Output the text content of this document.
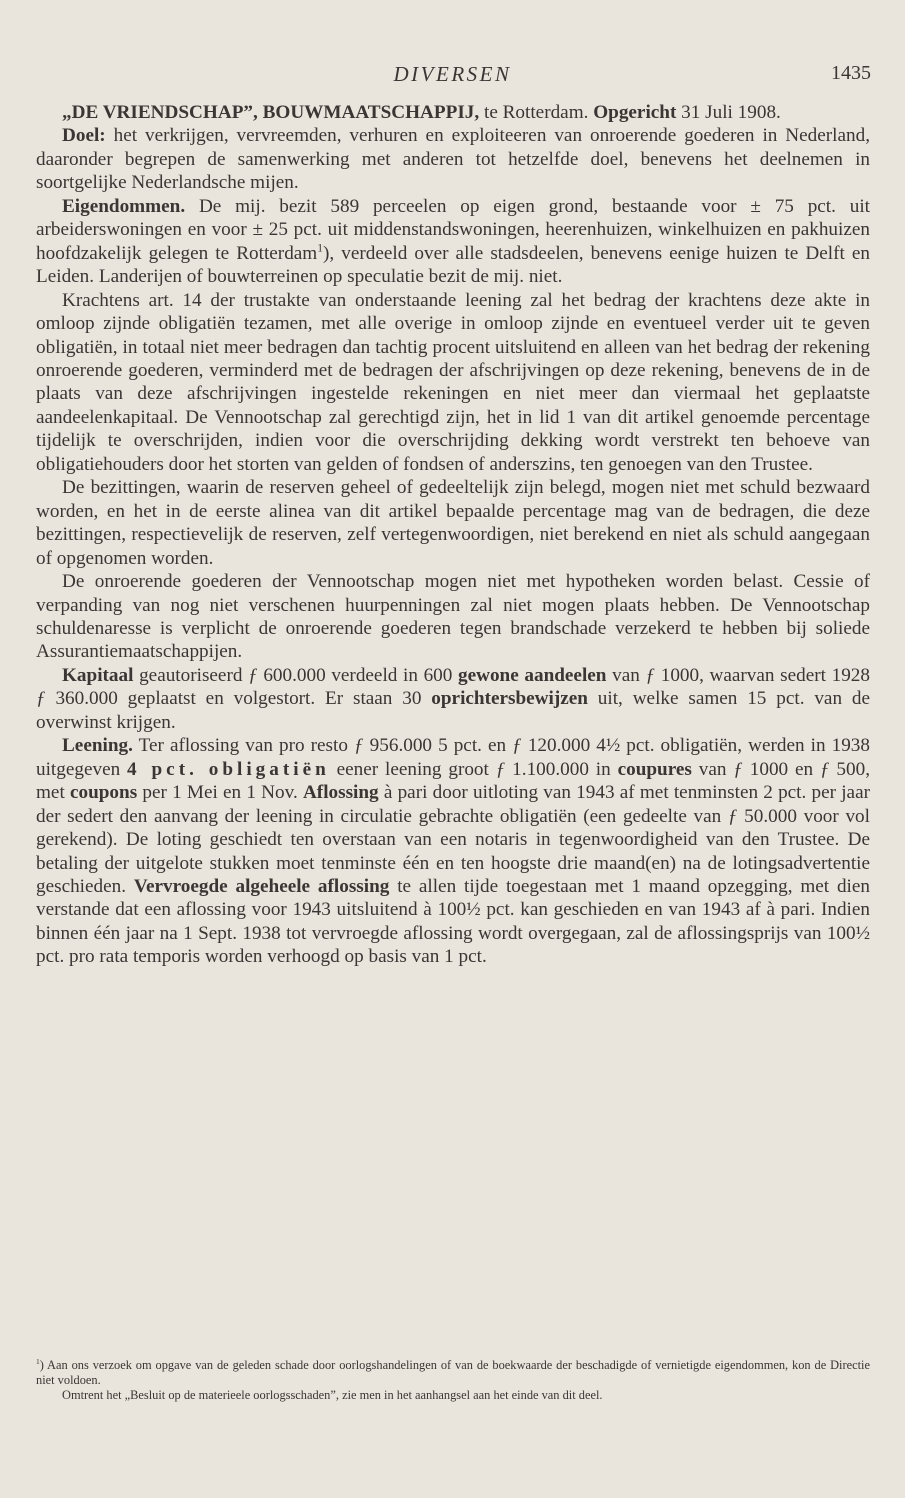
DIVERSEN	1435

„DE VRIENDSCHAP”, BOUWMAATSCHAPPIJ, te Rotterdam. Opgericht 31 Juli 1908.

Doel: het verkrijgen, vervreemden, verhuren en exploiteeren van onroerende goederen in Nederland, daaronder begrepen de samenwerking met anderen tot hetzelfde doel, benevens het deelnemen in soortgelijke Nederlandsche mijen.

Eigendommen. De mij. bezit 589 perceelen op eigen grond, bestaande voor ± 75 pct. uit arbeiderswoningen en voor ± 25 pct. uit middenstandswoningen, heerenhuizen, winkelhuizen en pakhuizen hoofdzakelijk gelegen te Rotterdam$^1$), verdeeld over alle stadsdeelen, benevens eenige huizen te Delft en Leiden. Landerijen of bouwterreinen op speculatie bezit de mij. niet.

Krachtens art. 14 der trustakte van onderstaande leening zal het bedrag der krachtens deze akte in omloop zijnde obligatiën tezamen, met alle overige in omloop zijnde en eventueel verder uit te geven obligatiën, in totaal niet meer bedragen dan tachtig procent uitsluitend en alleen van het bedrag der rekening onroerende goederen, verminderd met de bedragen der afschrijvingen op deze rekening, benevens de in de plaats van deze afschrijvingen ingestelde rekeningen en niet meer dan viermaal het geplaatste aandeelenkapitaal. De Vennootschap zal gerechtigd zijn, het in lid 1 van dit artikel genoemde percentage tijdelijk te overschrijden, indien voor die overschrijding dekking wordt verstrekt ten behoeve van obligatiehouders door het storten van gelden of fondsen of anderszins, ten genoegen van den Trustee.

De bezittingen, waarin de reserven geheel of gedeeltelijk zijn belegd, mogen niet met schuld bezwaard worden, en het in de eerste alinea van dit artikel bepaalde percentage mag van de bedragen, die deze bezittingen, respectievelijk de reserven, zelf vertegenwoordigen, niet berekend en niet als schuld aangegaan of opgenomen worden.

De onroerende goederen der Vennootschap mogen niet met hypotheken worden belast. Cessie of verpanding van nog niet verschenen huurpenningen zal niet mogen plaats hebben. De Vennootschap schuldenaresse is verplicht de onroerende goederen tegen brandschade verzekerd te hebben bij soliede Assurantiemaatschappijen.

Kapitaal geautoriseerd ƒ 600.000 verdeeld in 600 gewone aandeelen van ƒ 1000, waarvan sedert 1928 ƒ 360.000 geplaatst en volgestort. Er staan 30 oprichtersbewijzen uit, welke samen 15 pct. van de overwinst krijgen.

Leening. Ter aflossing van pro resto ƒ 956.000 5 pct. en ƒ 120.000 4½ pct. obligatiën, werden in 1938 uitgegeven 4 pct. obligatiën eener leening groot ƒ 1.100.000 in coupures van ƒ 1000 en ƒ 500, met coupons per 1 Mei en 1 Nov. Aflossing à pari door uitloting van 1943 af met tenminsten 2 pct. per jaar der sedert den aanvang der leening in circulatie gebrachte obligatiën (een gedeelte van ƒ 50.000 voor vol gerekend). De loting geschiedt ten overstaan van een notaris in tegenwoordigheid van den Trustee. De betaling der uitgelote stukken moet tenminste één en ten hoogste drie maand(en) na de lotingsadvertentie geschieden. Vervroegde algeheele aflossing te allen tijde toegestaan met 1 maand opzegging, met dien verstande dat een aflossing voor 1943 uitsluitend à 100½ pct. kan geschieden en van 1943 af à pari. Indien binnen één jaar na 1 Sept. 1938 tot vervroegde aflossing wordt overgegaan, zal de aflossingsprijs van 100½ pct. pro rata temporis worden verhoogd op basis van 1 pct.

$^1$) Aan ons verzoek om opgave van de geleden schade door oorlogshandelingen of van de boekwaarde der beschadigde of vernietigde eigendommen, kon de Directie niet voldoen.

Omtrent het „Besluit op de materieele oorlogsschaden”, zie men in het aanhangsel aan het einde van dit deel.
